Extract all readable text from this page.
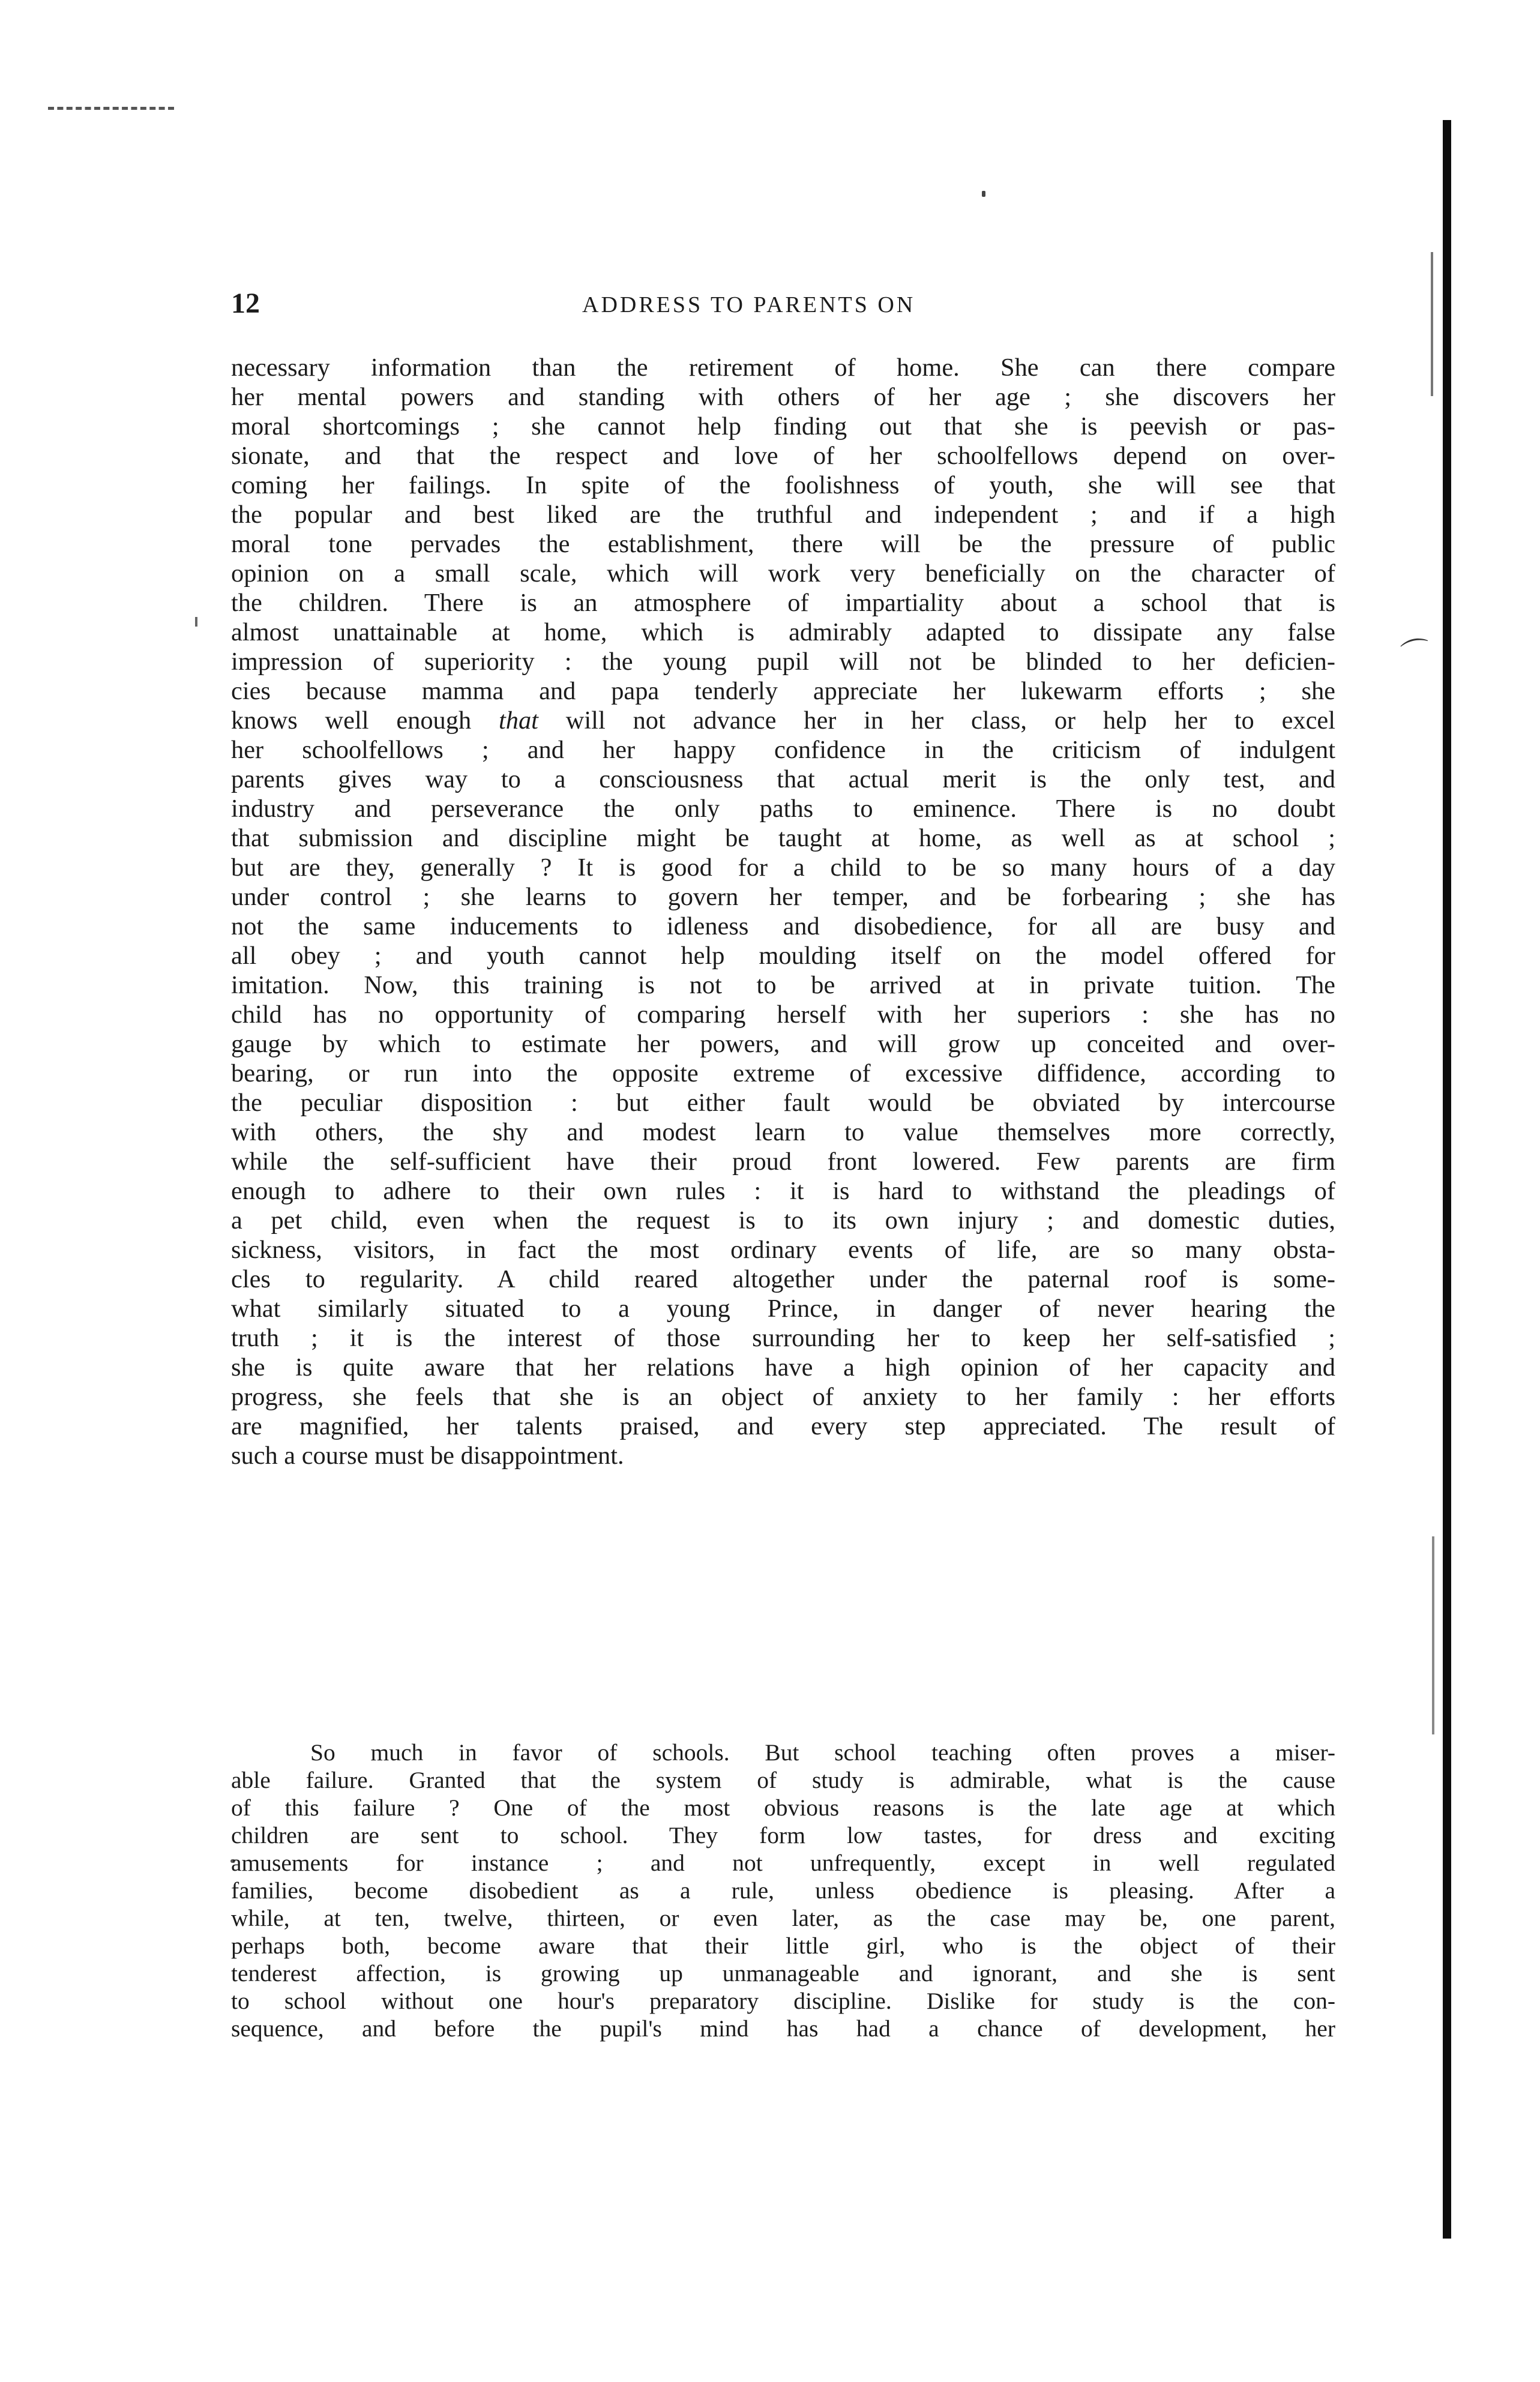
⌒

12	ADDRESS TO PARENTS ON

necessary information than the retirement of home. She can there compare
her mental powers and standing with others of her age ; she discovers her
moral shortcomings ; she cannot help finding out that she is peevish or pas-
sionate, and that the respect and love of her schoolfellows depend on over-
coming her failings. In spite of the foolishness of youth, she will see that
the popular and best liked are the truthful and independent ; and if a high
moral tone pervades the establishment, there will be the pressure of public
opinion on a small scale, which will work very beneficially on the character of
the children. There is an atmosphere of impartiality about a school that is
almost unattainable at home, which is admirably adapted to dissipate any false
impression of superiority : the young pupil will not be blinded to her deficien-
cies because mamma and papa tenderly appreciate her lukewarm efforts ; she
knows well enough that will not advance her in her class, or help her to excel
her schoolfellows ; and her happy confidence in the criticism of indulgent
parents gives way to a consciousness that actual merit is the only test, and
industry and perseverance the only paths to eminence. There is no doubt
that submission and discipline might be taught at home, as well as at school ;
but are they, generally ? It is good for a child to be so many hours of a day
under control ; she learns to govern her temper, and be forbearing ; she has
not the same inducements to idleness and disobedience, for all are busy and
all obey ; and youth cannot help moulding itself on the model offered for
imitation. Now, this training is not to be arrived at in private tuition. The
child has no opportunity of comparing herself with her superiors : she has no
gauge by which to estimate her powers, and will grow up conceited and over-
bearing, or run into the opposite extreme of excessive diffidence, according to
the peculiar disposition : but either fault would be obviated by intercourse
with others, the shy and modest learn to value themselves more correctly,
while the self-sufficient have their proud front lowered. Few parents are firm
enough to adhere to their own rules : it is hard to withstand the pleadings of
a pet child, even when the request is to its own injury ; and domestic duties,
sickness, visitors, in fact the most ordinary events of life, are so many obsta-
cles to regularity. A child reared altogether under the paternal roof is some-
what similarly situated to a young Prince, in danger of never hearing the
truth ; it is the interest of those surrounding her to keep her self-satisfied ;
she is quite aware that her relations have a high opinion of her capacity and
progress, she feels that she is an object of anxiety to her family : her efforts
are magnified, her talents praised, and every step appreciated. The result of
such a course must be disappointment.
So much in favor of schools. But school teaching often proves a miser-
able failure. Granted that the system of study is admirable, what is the cause
of this failure ? One of the most obvious reasons is the late age at which
children are sent to school. They form low tastes, for dress and exciting
amusements for instance ; and not unfrequently, except in well regulated
families, become disobedient as a rule, unless obedience is pleasing. After a
while, at ten, twelve, thirteen, or even later, as the case may be, one parent,
perhaps both, become aware that their little girl, who is the object of their
tenderest affection, is growing up unmanageable and ignorant, and she is sent
to school without one hour's preparatory discipline. Dislike for study is the con-
sequence, and before the pupil's mind has had a chance of development, her
